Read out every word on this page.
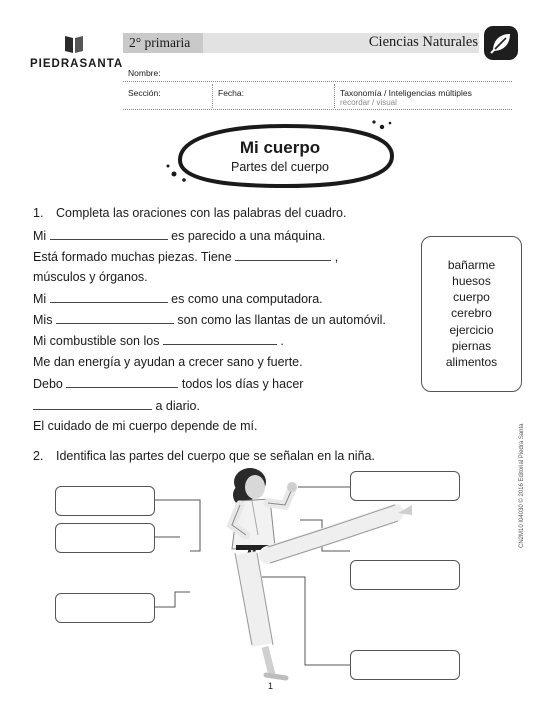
PIEDRASANTA
2° primaria	Ciencias Naturales
Nombre:
Sección:	Fecha:	Taxonomía / Inteligencias múltiples
recordar / visual
Mi cuerpo
Partes del cuerpo
1. Completa las oraciones con las palabras del cuadro.
Mi	es parecido a una máquina.
Está formado muchas piezas. Tiene	,
músculos y órganos.
Mi	es como una computadora.
Mis	son como las llantas de un automóvil.
Mi combustible son los	.
Me dan energía y ayudan a crecer sano y fuerte.
Debo	todos los días y hacer
a diario.
El cuidado de mi cuerpo depende de mí.
bañarme
huesos
cuerpo
cerebro
ejercicio
piernas
alimentos
2. Identifica las partes del cuerpo que se señalan en la niña.	CN2M10 I04030 © 2016 Editorial Piedra Santa
1
